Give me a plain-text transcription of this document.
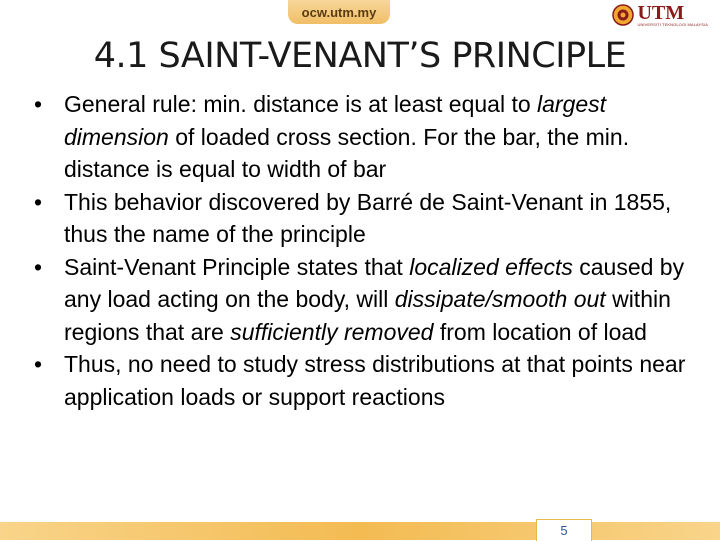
ocw.utm.my	UTM
UNIVERSITI TEKNOLOGI MALAYSIA
4.1 SAINT-VENANT’S PRINCIPLE
• General rule: min. distance is at least equal to largest dimension of loaded cross section. For the bar, the min. distance is equal to width of bar
• This behavior discovered by Barré de Saint-Venant in 1855, thus the name of the principle
• Saint-Venant Principle states that localized effects caused by any load acting on the body, will dissipate/smooth out within regions that are sufficiently removed from location of load
• Thus, no need to study stress distributions at that points near application loads or support reactions
5
